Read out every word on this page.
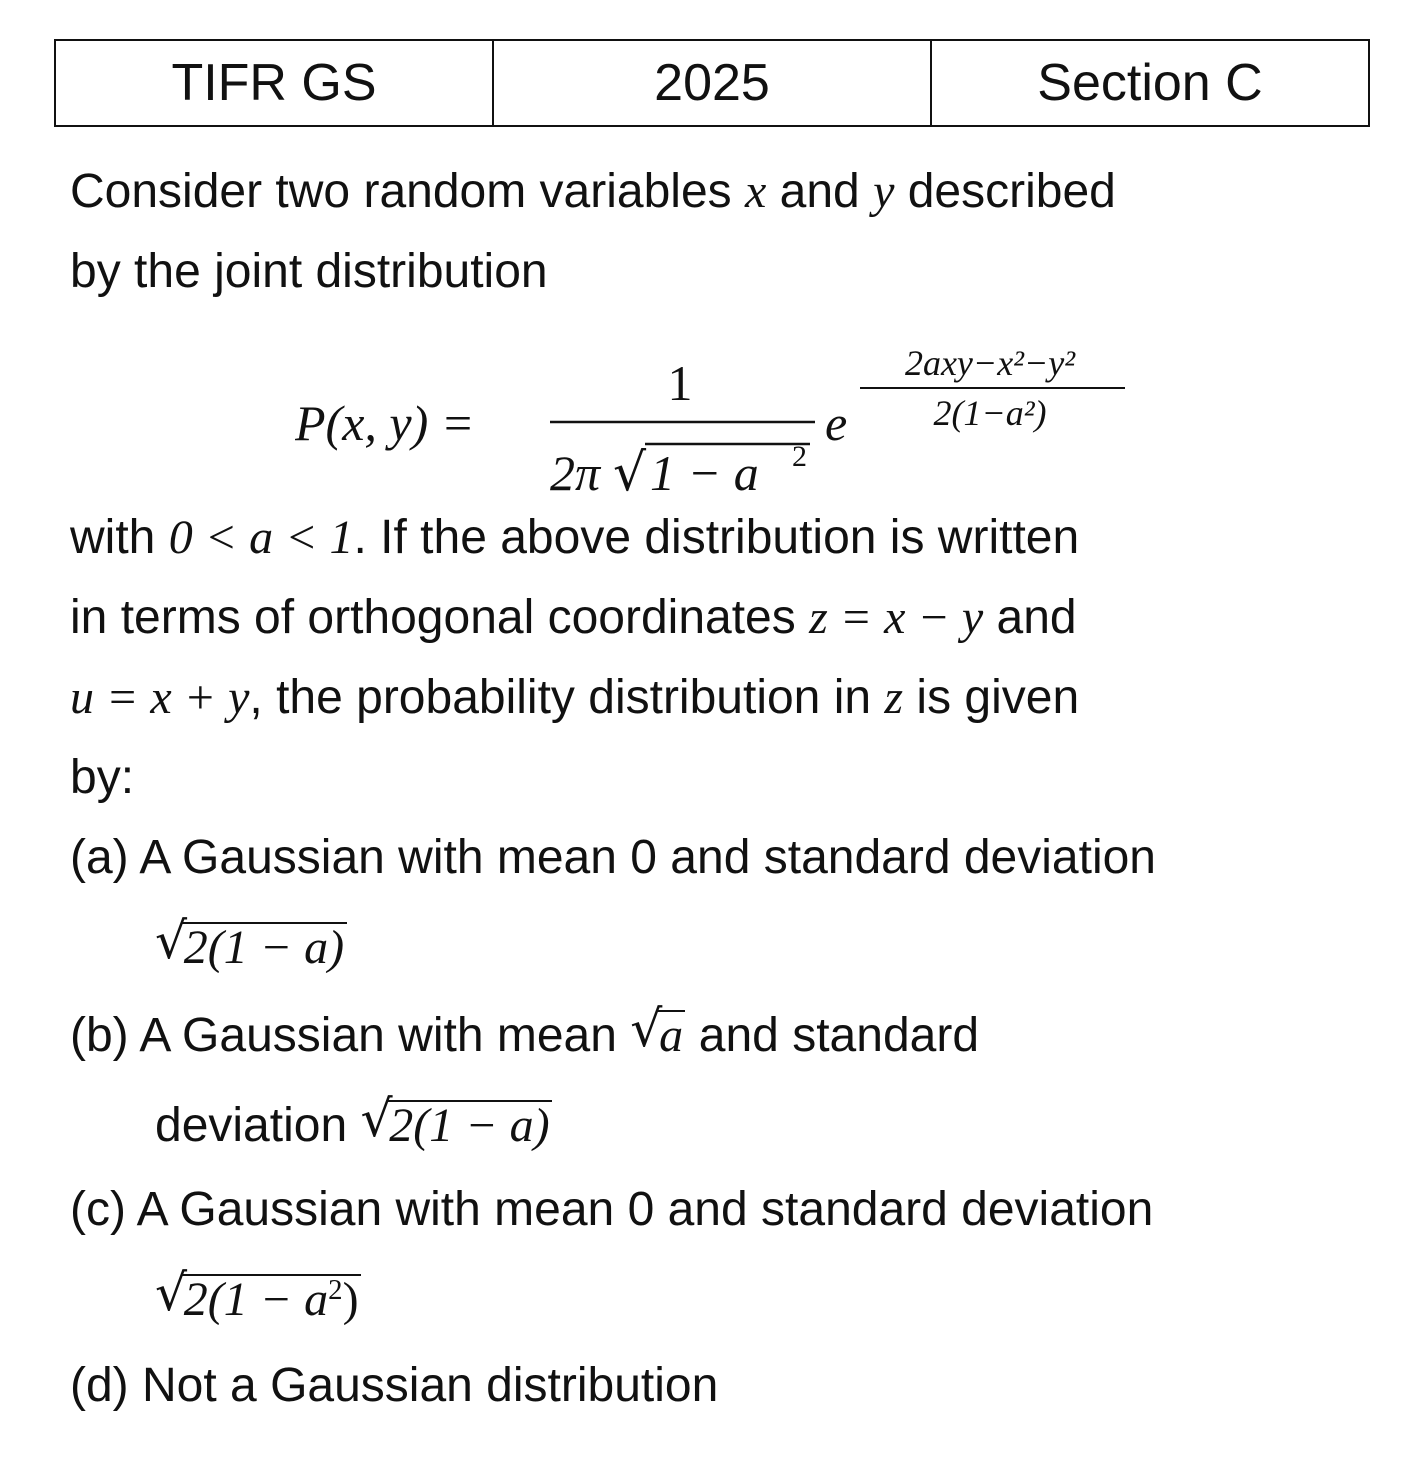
TIFR GS	2025	Section C
Consider two random variables x and y described
by the joint distribution
P(x, y) =
1
2π √ 1 − a 2
e
2axy−x²−y²
2(1−a²)
with 0 < a < 1. If the above distribution is written
in terms of orthogonal coordinates z = x − y and
u = x + y, the probability distribution in z is given
by:
(a) A Gaussian with mean 0 and standard deviation
√
2(1 − a)
(b) A Gaussian with mean √
a and standard
deviation √
2(1 − a)
(c) A Gaussian with mean 0 and standard deviation
√
$2(1 - a^2)$
(d) Not a Gaussian distribution
